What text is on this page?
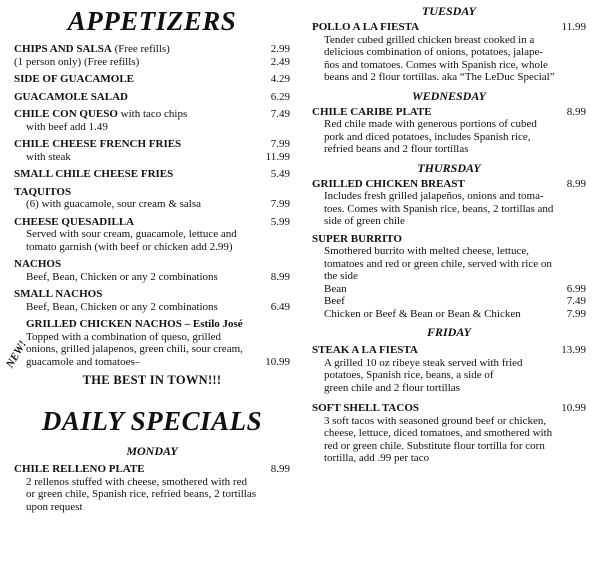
APPETIZERS
CHIPS AND SALSA (Free refills)	2.99
(1 person only) (Free refills)	2.49
SIDE OF GUACAMOLE	4.29
GUACAMOLE SALAD	6.29
CHILE CON QUESO with taco chips	7.49
with beef add 1.49
CHILE CHEESE FRENCH FRIES	7.99
with steak	11.99
SMALL CHILE CHEESE FRIES	5.49
TAQUITOS
(6) with guacamole, sour cream & salsa	7.99
CHEESE QUESADILLA	5.99
Served with sour cream, guacamole, lettuce and
tomato garnish (with beef or chicken add 2.99)
NACHOS
Beef, Bean, Chicken or any 2 combinations	8.99
SMALL NACHOS
Beef, Bean, Chicken or any 2 combinations	6.49
GRILLED CHICKEN NACHOS – Estilo José
Topped with a combination of queso, grilled
onions, grilled jalapenos, green chili, sour cream,
guacamole and tomatoes–	10.99
THE BEST IN TOWN!!!
DAILY SPECIALS
MONDAY
CHILE RELLENO PLATE	8.99
2 rellenos stuffed with cheese, smothered with red
or green chile, Spanish rice, refried beans, 2 tortillas
upon request
NEW!
TUESDAY
POLLO A LA FIESTA	11.99
Tender cubed grilled chicken breast cooked in a
delicious combination of onions, potatoes, jalape-
ños and tomatoes. Comes with Spanish rice, whole
beans and 2 flour tortillas. aka “The LeDuc Special”
WEDNESDAY
CHILE CARIBE PLATE	8.99
Red chile made with generous portions of cubed
pork and diced potatoes, includes Spanish rice,
refried beans and 2 flour tortillas
THURSDAY
GRILLED CHICKEN BREAST	8.99
Includes fresh grilled jalapeños, onions and toma-
toes. Comes with Spanish rice, beans, 2 tortillas and
side of green chile
SUPER BURRITO
Smothered burrito with melted cheese, lettuce,
tomatoes and red or green chile, served with rice on
the side
Bean	6.99
Beef	7.49
Chicken or Beef & Bean or Bean & Chicken	7.99
FRIDAY
STEAK A LA FIESTA	13.99
A grilled 10 oz ribeye steak served with fried
potatoes, Spanish rice, beans, a side of
green chile and 2 flour tortillas
SOFT SHELL TACOS	10.99
3 soft tacos with seasoned ground beef or chicken,
cheese, lettuce, diced tomatoes, and smothered with
red or green chile. Substitute flour tortilla for corn
tortilla, add .99 per taco
